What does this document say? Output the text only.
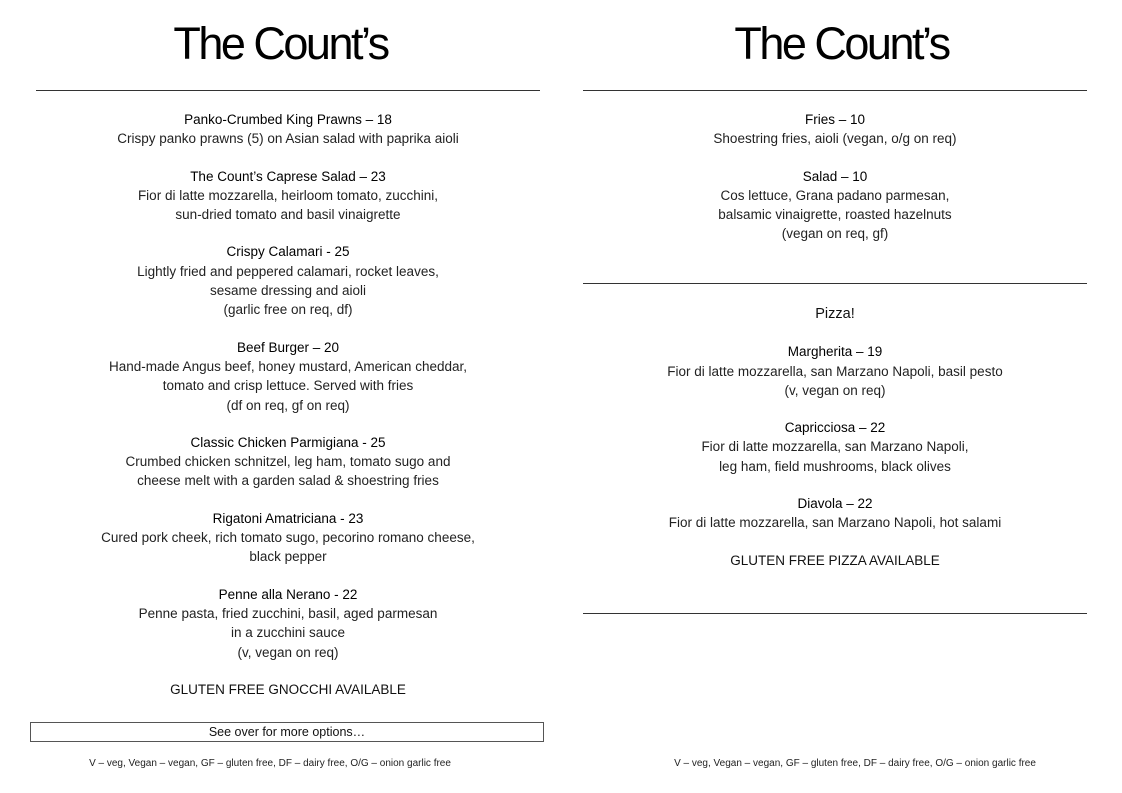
The Count’s
Panko-Crumbed King Prawns – 18
Crispy panko prawns (5) on Asian salad with paprika aioli
The Count’s Caprese Salad – 23
Fior di latte mozzarella, heirloom tomato, zucchini,
sun-dried tomato and basil vinaigrette
Crispy Calamari - 25
Lightly fried and peppered calamari, rocket leaves,
sesame dressing and aioli
(garlic free on req, df)
Beef Burger – 20
Hand-made Angus beef, honey mustard, American cheddar,
tomato and crisp lettuce. Served with fries
(df on req, gf on req)
Classic Chicken Parmigiana - 25
Crumbed chicken schnitzel, leg ham, tomato sugo and
cheese melt with a garden salad & shoestring fries
Rigatoni Amatriciana - 23
Cured pork cheek, rich tomato sugo, pecorino romano cheese,
black pepper
Penne alla Nerano - 22
Penne pasta, fried zucchini, basil, aged parmesan
in a zucchini sauce
(v, vegan on req)
GLUTEN FREE GNOCCHI AVAILABLE
See over for more options…
V – veg, Vegan – vegan, GF – gluten free, DF – dairy free, O/G – onion garlic free
The Count’s
Fries – 10
Shoestring fries, aioli (vegan, o/g on req)
Salad – 10
Cos lettuce, Grana padano parmesan,
balsamic vinaigrette, roasted hazelnuts
(vegan on req, gf)
Pizza!
Margherita – 19
Fior di latte mozzarella, san Marzano Napoli, basil pesto
(v, vegan on req)
Capricciosa – 22
Fior di latte mozzarella, san Marzano Napoli,
leg ham, field mushrooms, black olives
Diavola – 22
Fior di latte mozzarella, san Marzano Napoli, hot salami
GLUTEN FREE PIZZA AVAILABLE
V – veg, Vegan – vegan, GF – gluten free, DF – dairy free, O/G – onion garlic free
